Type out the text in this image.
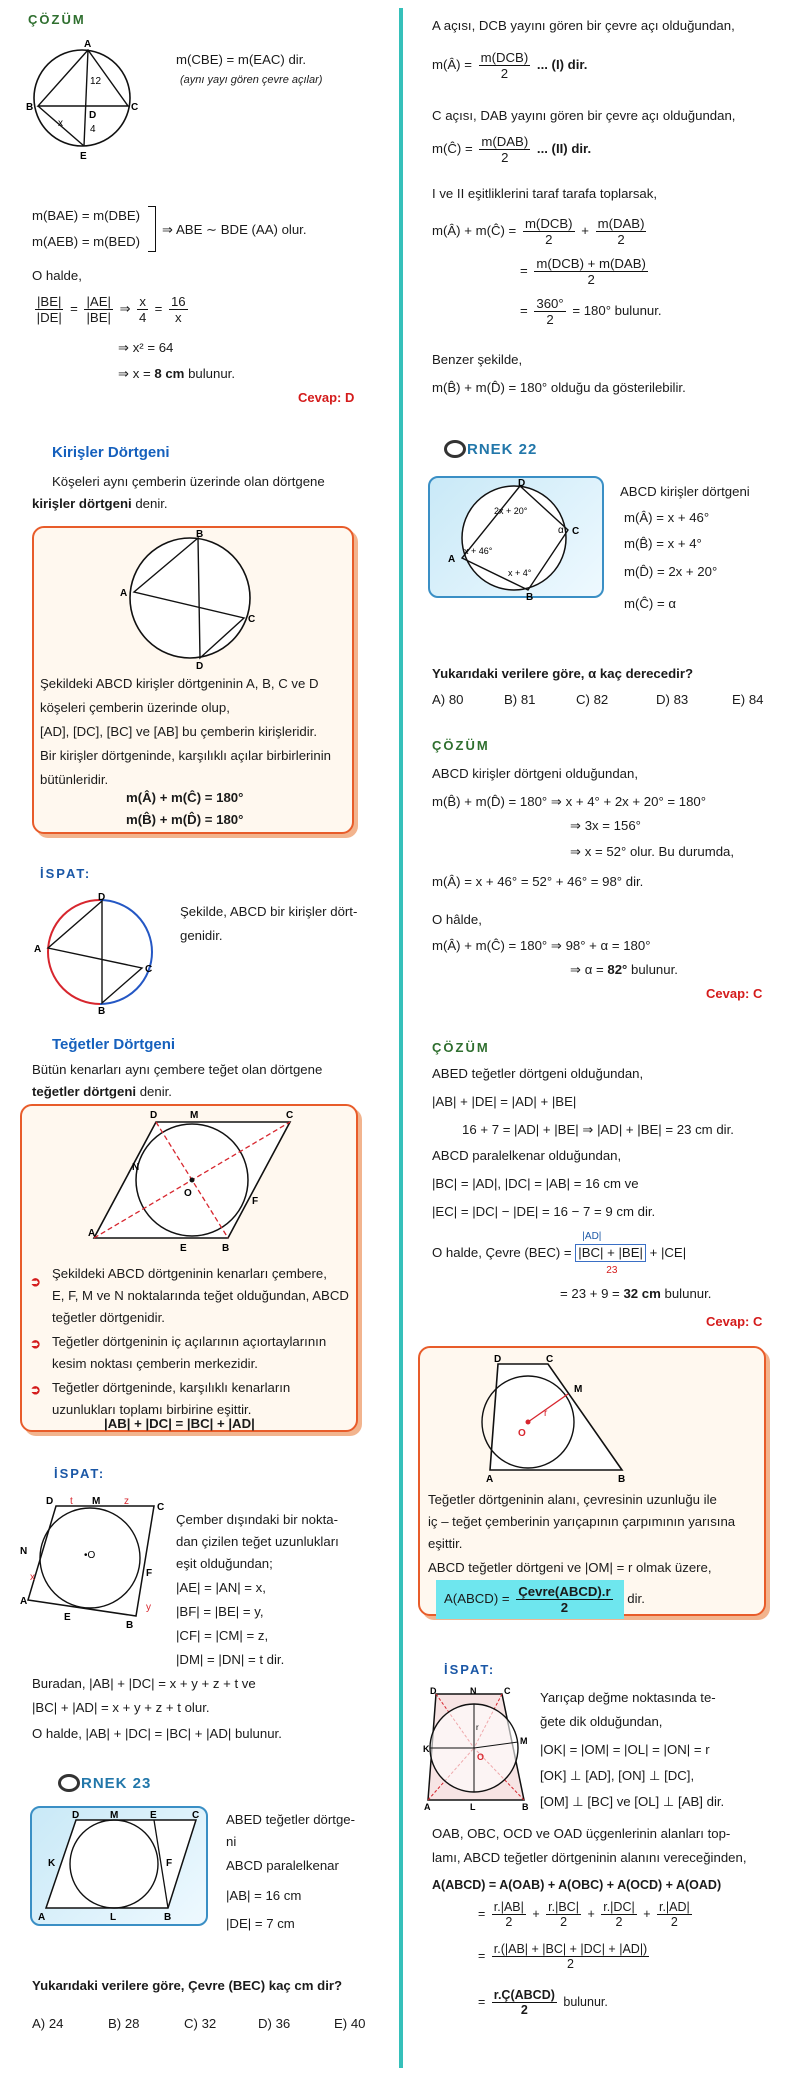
ÇÖZÜM
A
B	C
D
E
x
12
4
m(CBE) = m(EAC) dir.
(aynı yayı gören çevre açılar)
m(BAE) = m(DBE)
m(AEB) = m(BED)
⇒ ABE ∼ BDE (AA) olur.
O halde,
$\frac{|BE|}{|DE|} = \frac{|AE|}{|BE|}$ ⇒ $\frac{x}{4} = \frac{16}{x}$
⇒ x² = 64
⇒ x = 8 cm bulunur.
Cevap: D
Kirişler Dörtgeni
Köşeleri aynı çemberin üzerinde olan dörtgene
kirişler dörtgeni denir.
B
A
C
D
Şekildeki ABCD kirişler dörtgeninin A, B, C ve D
köşeleri çemberin üzerinde olup,
[AD], [DC], [BC] ve [AB] bu çemberin kirişleridir.
Bir kirişler dörtgeninde, karşılıklı açılar birbirlerinin
bütünleridir.
m(Â) + m(Ĉ) = 180°
m(B̂) + m(D̂) = 180°
İSPAT:
D
A
C
B
Şekilde, ABCD bir kirişler dört-
genidir.
Teğetler Dörtgeni
Bütün kenarları aynı çembere teğet olan dörtgene
teğetler dörtgeni denir.
D	M	C
N
O
F
E	B
A
➲
Şekildeki ABCD dörtgeninin kenarları çembere,
E, F, M ve N noktalarında teğet olduğundan, ABCD
teğetler dörtgenidir.
➲ Teğetler dörtgeninin iç açılarının açıortaylarının
kesim noktası çemberin merkezidir.
➲ Teğetler dörtgeninde, karşılıklı kenarların
uzunlukları toplamı birbirine eşittir.
|AB| + |DC| = |BC| + |AD|
İSPAT:
D t M z
C
N	•O
F
A
E
B
x
y
Çember dışındaki bir nokta-
dan çizilen teğet uzunlukları
eşit olduğundan;
|AE| = |AN| = x,
|BF| = |BE| = y,
|CF| = |CM| = z,
|DM| = |DN| = t dir.
Buradan, |AB| + |DC| = x + y + z + t ve
|BC| + |AD| = x + y + z + t olur.
O halde, |AB| + |DC| = |BC| + |AD| bulunur.
RNEK 23
D	M	E	C
K	F
A	L	B
ABED teğetler dörtge-
ni
ABCD paralelkenar
|AB| = 16 cm
|DE| = 7 cm
Yukarıdaki verilere göre, Çevre (BEC) kaç cm dir?
A) 24	B) 28	C) 32	D) 36	E) 40
A açısı, DCB yayını gören bir çevre açı olduğundan,
m(Â) = $\frac{\text{m(DCB)}}{2}$ ... (I) dir.
C açısı, DAB yayını gören bir çevre açı olduğundan,
m(Ĉ) = $\frac{\text{m(DAB)}}{2}$ ... (II) dir.
I ve II eşitliklerini taraf tarafa toplarsak,
m(Â) + m(Ĉ) = $\frac{\text{m(DCB)}}{2} + \frac{\text{m(DAB)}}{2}$
= $\frac{\text{m(DCB) + m(DAB)}}{2}$
= $\frac{360^\circ}{2} = 180^\circ$ bulunur.
Benzer şekilde,
m(B̂) + m(D̂) = 180° olduğu da gösterilebilir.
RNEK 22
D
2x + 20°
α C
A
x + 46°
x + 4°
B
ABCD kirişler dörtgeni
m(Â) = x + 46°
m(B̂) = x + 4°
m(D̂) = 2x + 20°
m(Ĉ) = α
Yukarıdaki verilere göre, α kaç derecedir?
A) 80	B) 81	C) 82	D) 83	E) 84
ÇÖZÜM
ABCD kirişler dörtgeni olduğundan,
m(B̂) + m(D̂) = 180° ⇒ x + 4° + 2x + 20° = 180°
⇒ 3x = 156°
⇒ x = 52° olur. Bu durumda,
m(Â) = x + 46° = 52° + 46° = 98° dir.
O hâlde,
m(Â) + m(Ĉ) = 180° ⇒ 98° + α = 180°
⇒ α = 82° bulunur.
Cevap: C
ÇÖZÜM
ABED teğetler dörtgeni olduğundan,
|AB| + |DE| = |AD| + |BE|
16 + 7 = |AD| + |BE| ⇒ |AD| + |BE| = 23 cm dir.
ABCD paralelkenar olduğundan,
|BC| = |AD|, |DC| = |AB| = 16 cm ve
|EC| = |DC| − |DE| = 16 − 7 = 9 cm dir.
O halde, Çevre (BEC) =
|AD|
|BC| + |BE|
23
+ |CE|
= 23 + 9 = 32 cm bulunur.
Cevap: C
D	C
M
O
r
A	B
Teğetler dörtgeninin alanı, çevresinin uzunluğu ile
iç – teğet çemberinin yarıçapının çarpımının yarısına
eşittir.
ABCD teğetler dörtgeni ve |OM| = r olmak üzere,
A(ABCD) = $\frac{\text{Çevre(ABCD).r}}{2}$ dir.
İSPAT:
D	N	C
K
M
O
r
A	L	B
Yarıçap değme noktasında te-
ğete dik olduğundan,
|OK| = |OM| = |OL| = |ON| = r
[OK] ⊥ [AD], [ON] ⊥ [DC],
[OM] ⊥ [BC] ve [OL] ⊥ [AB] dir.
OAB, OBC, OCD ve OAD üçgenlerinin alanları top-
lamı, ABCD teğetler dörtgeninin alanını vereceğinden,
A(ABCD) = A(OAB) + A(OBC) + A(OCD) + A(OAD)
= $\frac{r.|AB|}{2} + \frac{r.|BC|}{2} + \frac{r.|DC|}{2} + \frac{r.|AD|}{2}$
= $\frac{r.(|AB| + |BC| + |DC| + |AD|)}{2}$
= $\frac{\text{r.Ç(ABCD)}}{2}$ bulunur.
